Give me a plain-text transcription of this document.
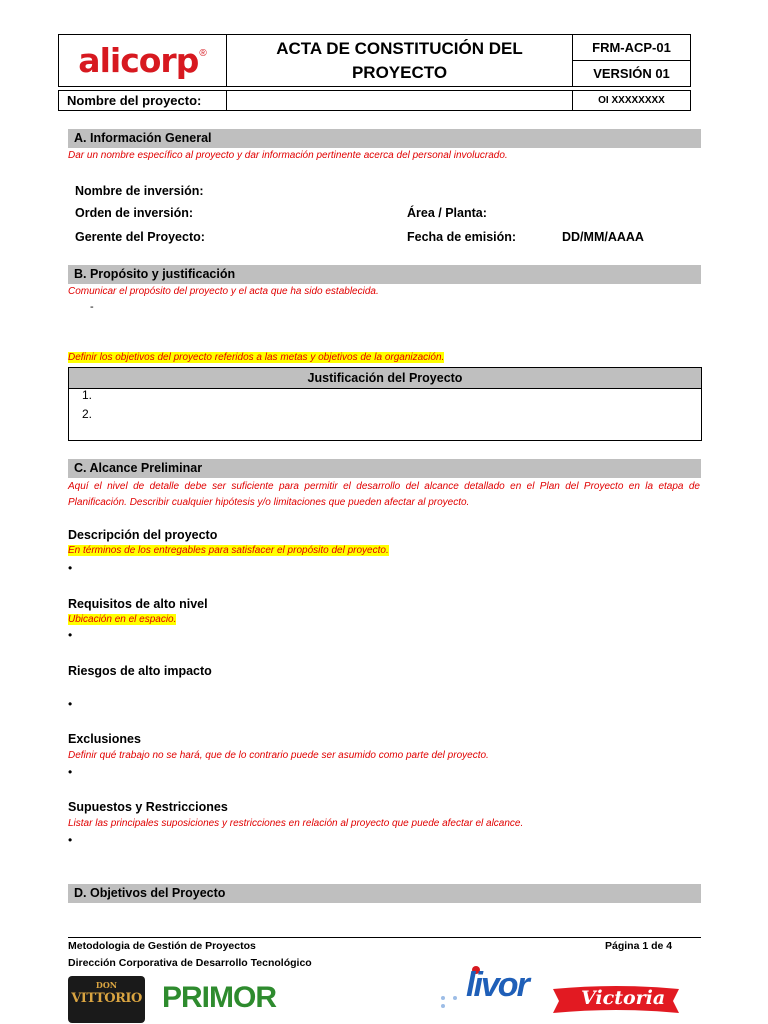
alicorp ®	ACTA DE CONSTITUCIÓN DEL PROYECTO
FRM-ACP-01
VERSIÓN 01
Nombre del proyecto:	OI XXXXXXXX
A. Información General
Dar un nombre específico al proyecto y dar información pertinente acerca del personal involucrado.
Nombre de inversión:
Orden de inversión:	Área / Planta:
Gerente del Proyecto:	Fecha de emisión:	DD/MM/AAAA
B. Propósito y justificación
Comunicar el propósito del proyecto y el acta que ha sido establecida.
-
Definir los objetivos del proyecto referidos a las metas y objetivos de la organización.
Justificación del Proyecto
1.
2.
C. Alcance Preliminar
Aquí el nivel de detalle debe ser suficiente para permitir el desarrollo del alcance detallado en el Plan del Proyecto en la etapa de Planificación. Describir cualquier hipótesis y/o limitaciones que pueden afectar al proyecto.
Descripción del proyecto
En términos de los entregables para satisfacer el propósito del proyecto.
•
Requisitos de alto nivel
Ubicación en el espacio.
•
Riesgos de alto impacto
•
Exclusiones
Definir qué trabajo no se hará, que de lo contrario puede ser asumido como parte del proyecto.
•
Supuestos y Restricciones
Listar las principales suposiciones y restricciones en relación al proyecto que puede afectar el alcance.
•
D. Objetivos del Proyecto
Metodologia de Gestión de Proyectos
Dirección Corporativa de Desarrollo Tecnológico
Página 1 de 4
DON
VITTORIO PRIMOR	livor	Victoria
